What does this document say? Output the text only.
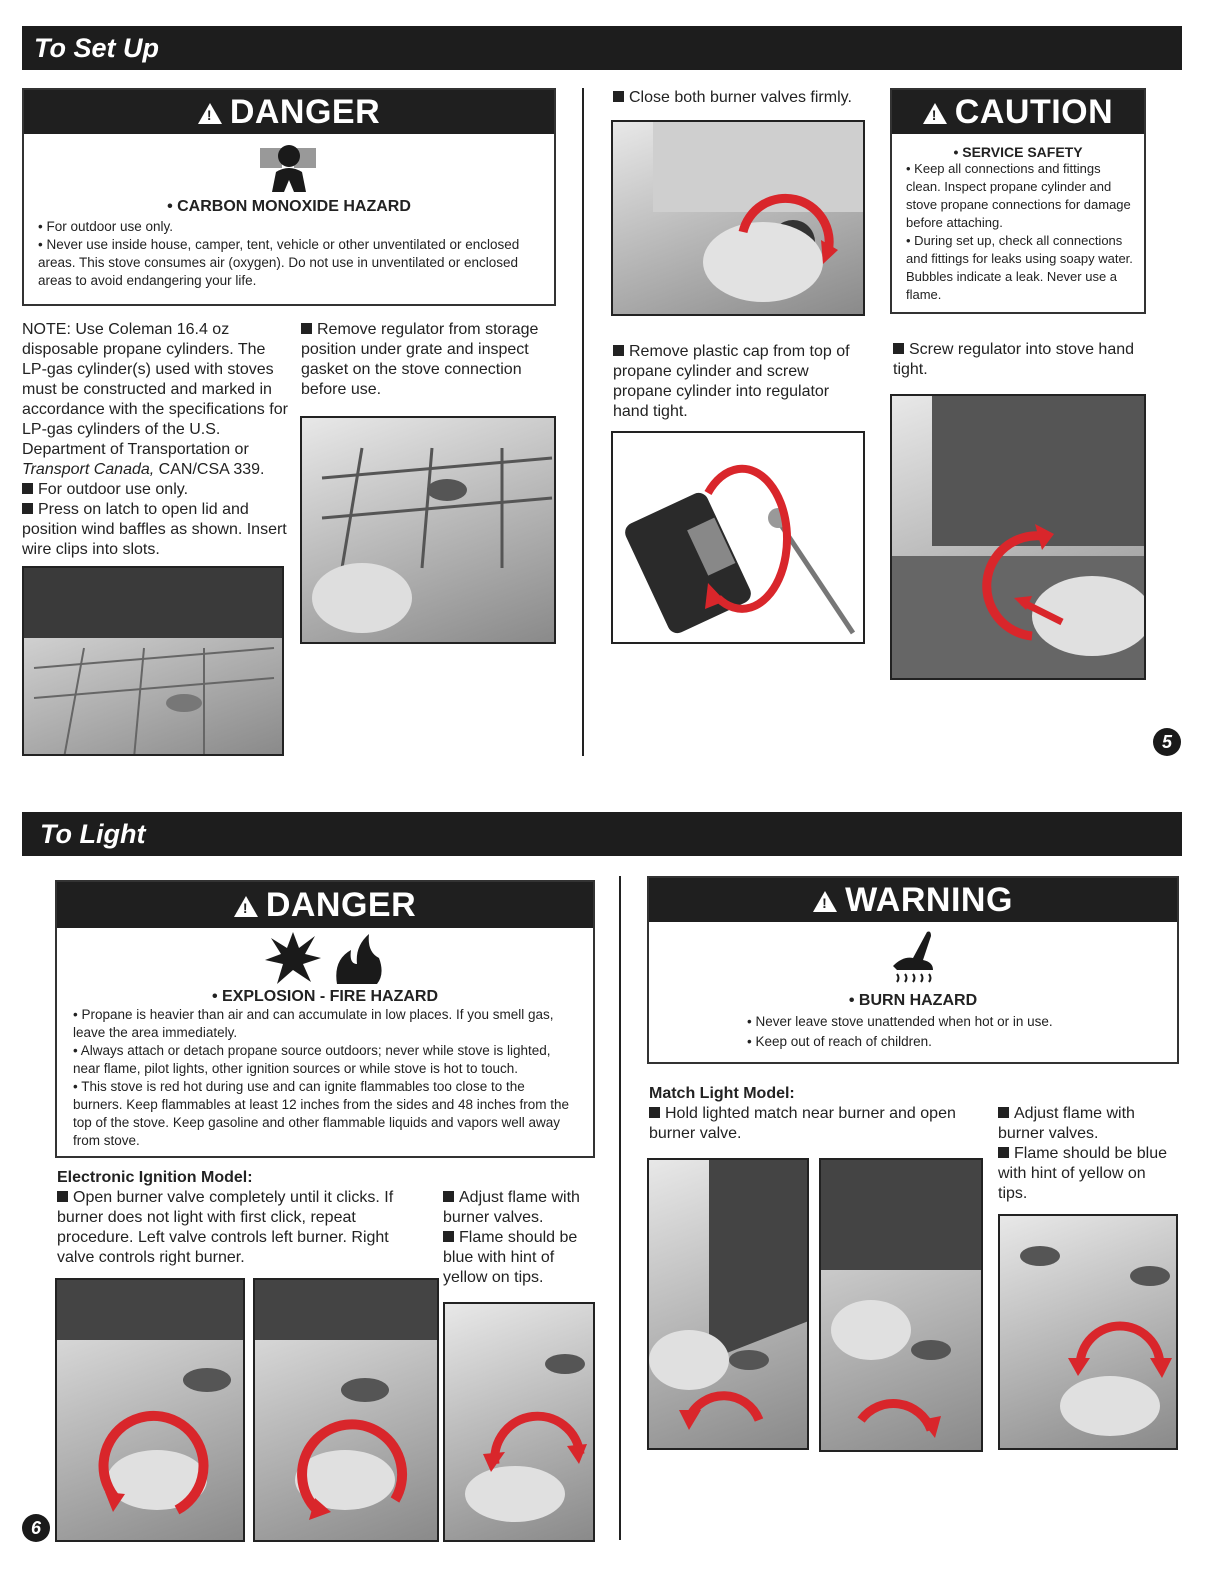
To Set Up
!DANGER
• CARBON MONOXIDE HAZARD

• For outdoor use only.

• Never use inside house, camper, tent, vehicle or other unventilated or enclosed areas. This stove consumes air (oxygen). Do not use in unventilated or enclosed areas to avoid endangering your life.

NOTE: Use Coleman 16.4 oz disposable propane cylinders. The LP-gas cylinder(s) used with stoves must be constructed and marked in accordance with the specifications for LP-gas cylinders of the U.S. Department of Transportation or Transport Canada, CAN/CSA 339.

For outdoor use only.

Press on latch to open lid and position wind baffles as shown. Insert wire clips into slots.

Remove regulator from storage position under grate and inspect gasket on the stove connection before use.
Close both burner valves firmly.
Remove plastic cap from top of propane cylinder and screw propane cylinder into regulator hand tight.
!CAUTION
• SERVICE SAFETY

• Keep all connections and fittings clean. Inspect propane cylinder and stove propane connections for damage before attaching.

• During set up, check all connections and fittings for leaks using soapy water. Bubbles indicate a leak. Never use a flame.

Screw regulator into stove hand tight.
5
To Light
!DANGER

• EXPLOSION - FIRE HAZARD

• Propane is heavier than air and can accumulate in low places. If you smell gas, leave the area immediately.

• Always attach or detach propane source outdoors; never while stove is lighted, near flame, pilot lights, other ignition sources or while stove is hot to touch.

• This stove is red hot during use and can ignite flammables too close to the burners. Keep flammables at least 12 inches from the sides and 48 inches from the top of the stove. Keep gasoline and other flammable liquids and vapors well away from stove.

Electronic Ignition Model:

Open burner valve completely until it clicks. If burner does not light with first click, repeat procedure. Left valve controls left burner. Right valve controls right burner.

Adjust flame with burner valves.

Flame should be blue with hint of yellow on tips.

6
!WARNING
• BURN HAZARD

• Never leave stove unattended when hot or in use.

• Keep out of reach of children.

Match Light Model:

Hold lighted match near burner and open burner valve.

Adjust flame with burner valves.

Flame should be blue with hint of yellow on tips.
